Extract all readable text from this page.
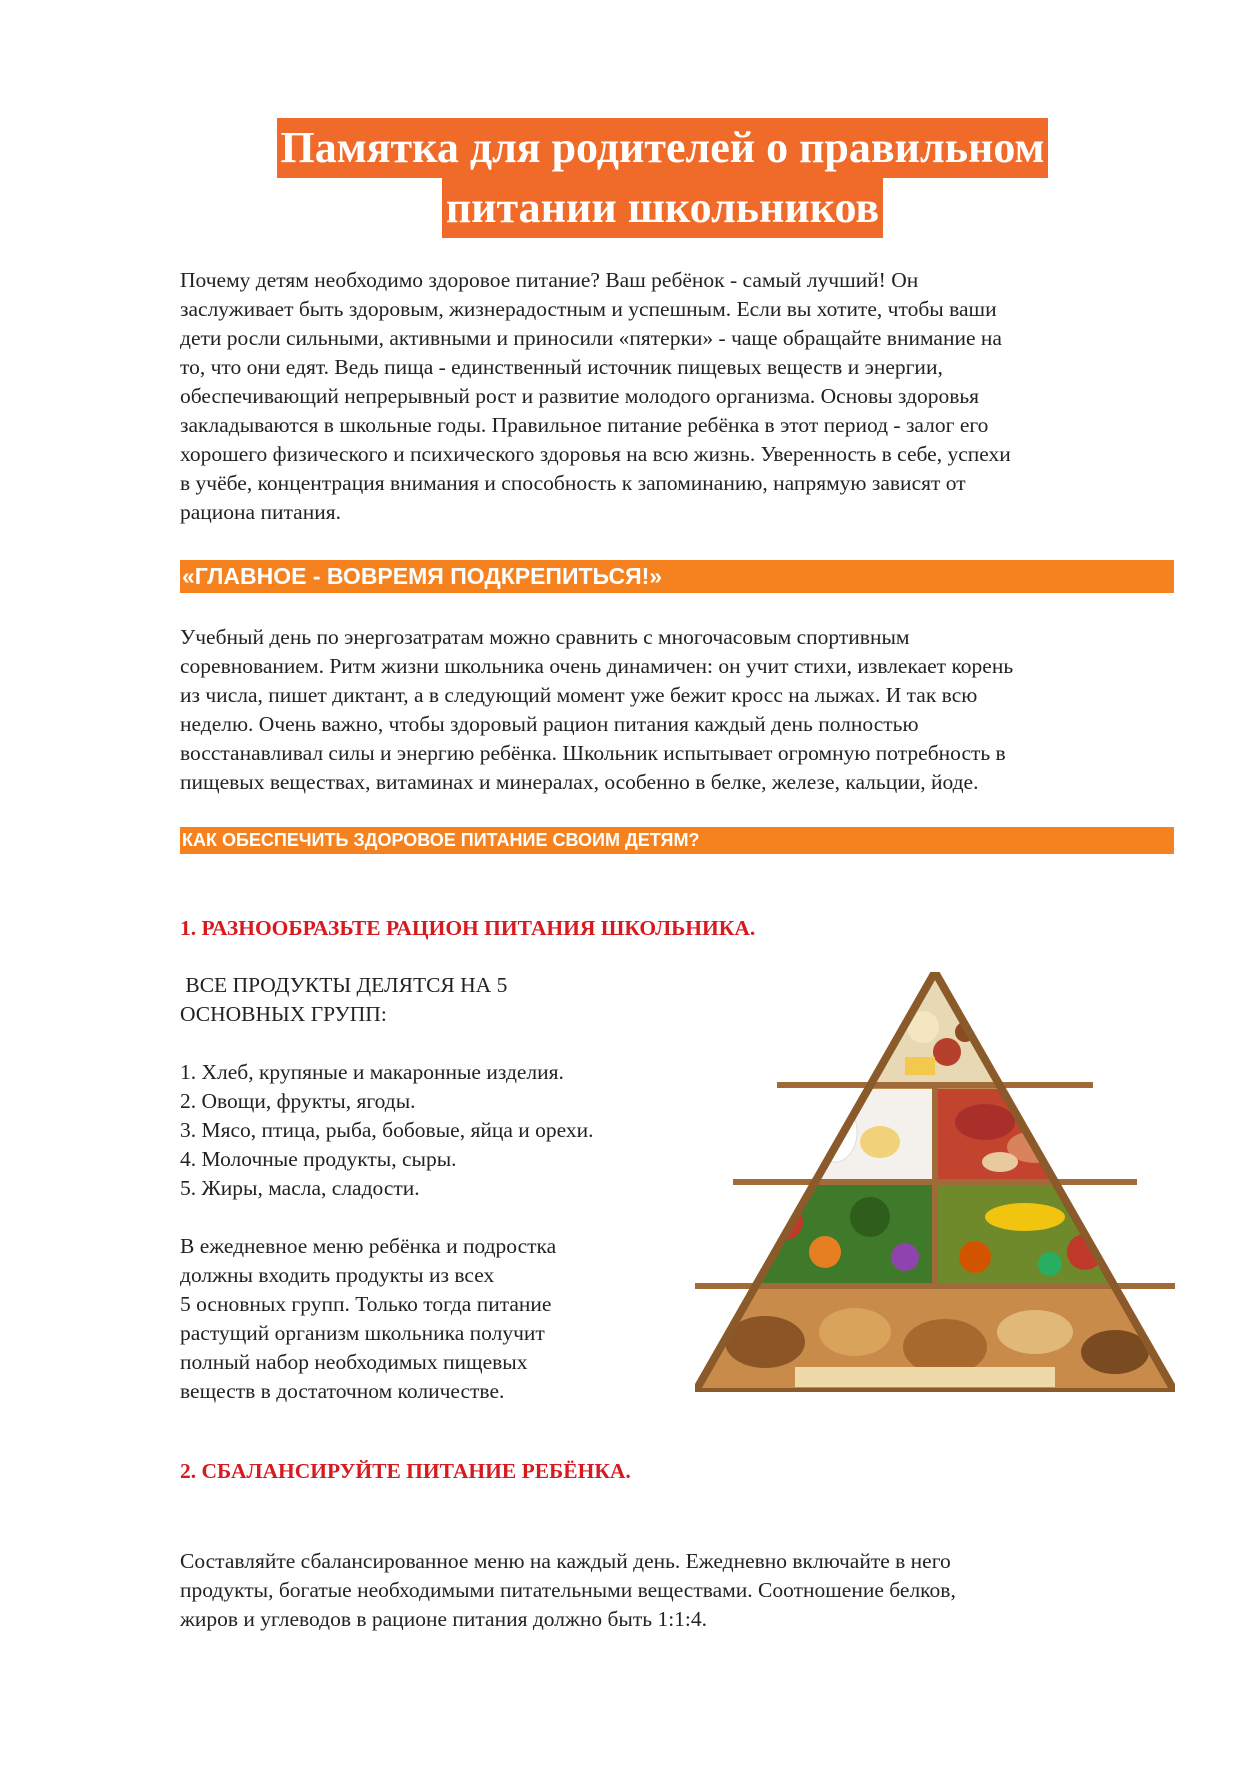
Памятка для родителей о правильном
питании школьников
Почему детям необходимо здоровое питание? Ваш ребёнок - самый лучший! Он
заслуживает быть здоровым, жизнерадостным и успешным. Если вы хотите, чтобы ваши
дети росли сильными, активными и приносили «пятерки» - чаще обращайте внимание на
то, что они едят. Ведь пища - единственный источник пищевых веществ и энергии,
обеспечивающий непрерывный рост и развитие молодого организма. Основы здоровья
закладываются в школьные годы. Правильное питание ребёнка в этот период - залог его
хорошего физического и психического здоровья на всю жизнь. Уверенность в себе, успехи
в учёбе, концентрация внимания и способность к запоминанию, напрямую зависят от
рациона питания.
«ГЛАВНОЕ - ВОВРЕМЯ ПОДКРЕПИТЬСЯ!»
Учебный день по энергозатратам можно сравнить с многочасовым спортивным
соревнованием. Ритм жизни школьника очень динамичен: он учит стихи, извлекает корень
из числа, пишет диктант, а в следующий момент уже бежит кросс на лыжах. И так всю
неделю. Очень важно, чтобы здоровый рацион питания каждый день полностью
восстанавливал силы и энергию ребёнка. Школьник испытывает огромную потребность в
пищевых веществах, витаминах и минералах, особенно в белке, железе, кальции, йоде.
КАК ОБЕСПЕЧИТЬ ЗДОРОВОЕ ПИТАНИЕ СВОИМ ДЕТЯМ?
1. РАЗНООБРАЗЬТЕ РАЦИОН ПИТАНИЯ ШКОЛЬНИКА.
ВСЕ ПРОДУКТЫ ДЕЛЯТСЯ НА 5
ОСНОВНЫХ ГРУПП:
1. Хлеб, крупяные и макаронные изделия.
2. Овощи, фрукты, ягоды.
3. Мясо, птица, рыба, бобовые, яйца и орехи.
4. Молочные продукты, сыры.
5. Жиры, масла, сладости.
В ежедневное меню ребёнка и подростка
должны входить продукты из всех
5 основных групп. Только тогда питание
растущий организм школьника получит
полный набор необходимых пищевых
веществ в достаточном количестве.
2. СБАЛАНСИРУЙТЕ ПИТАНИЕ РЕБЁНКА.
Составляйте сбалансированное меню на каждый день. Ежедневно включайте в него
продукты, богатые необходимыми питательными веществами. Соотношение белков,
жиров и углеводов в рационе питания должно быть 1:1:4.
